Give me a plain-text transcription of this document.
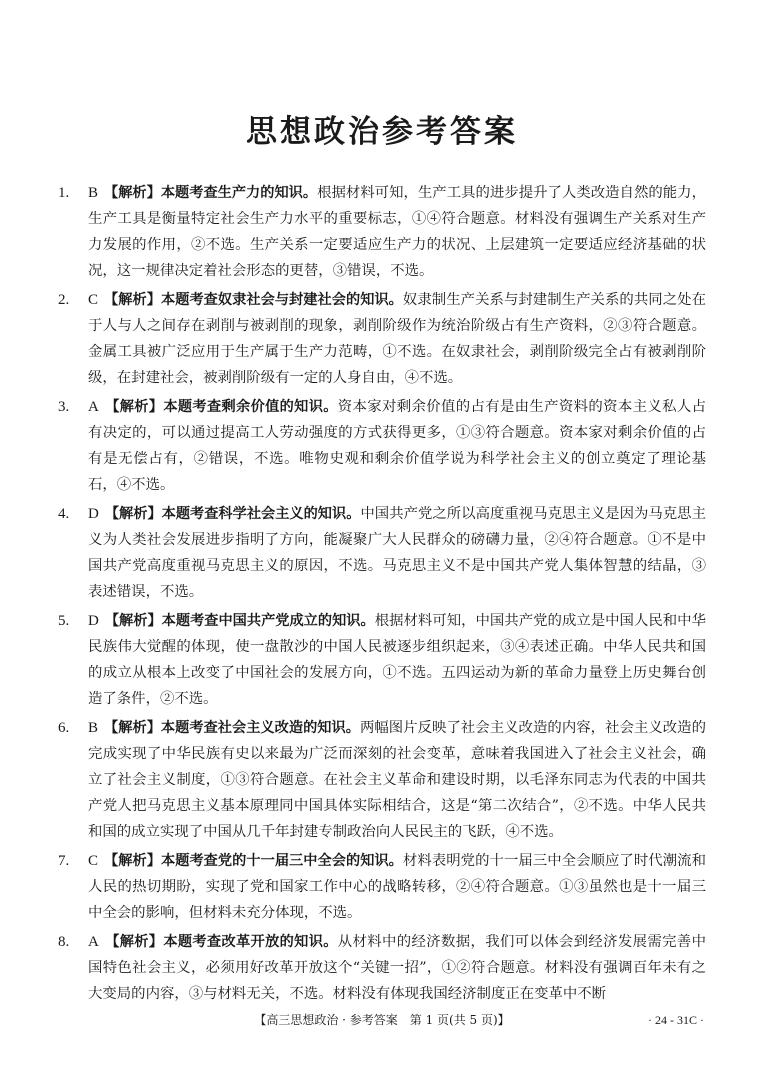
思想政治参考答案
1. B 【解析】本题考查生产力的知识。根据材料可知，生产工具的进步提升了人类改造自然的能力，生产工具是衡量特定社会生产力水平的重要标志，①④符合题意。材料没有强调生产关系对生产力发展的作用，②不选。生产关系一定要适应生产力的状况、上层建筑一定要适应经济基础的状况，这一规律决定着社会形态的更替，③错误，不选。
2. C 【解析】本题考查奴隶社会与封建社会的知识。奴隶制生产关系与封建制生产关系的共同之处在于人与人之间存在剥削与被剥削的现象，剥削阶级作为统治阶级占有生产资料，②③符合题意。金属工具被广泛应用于生产属于生产力范畴，①不选。在奴隶社会，剥削阶级完全占有被剥削阶级，在封建社会，被剥削阶级有一定的人身自由，④不选。
3. A 【解析】本题考查剩余价值的知识。资本家对剩余价值的占有是由生产资料的资本主义私人占有决定的，可以通过提高工人劳动强度的方式获得更多，①③符合题意。资本家对剩余价值的占有是无偿占有，②错误，不选。唯物史观和剩余价值学说为科学社会主义的创立奠定了理论基石，④不选。
4. D 【解析】本题考查科学社会主义的知识。中国共产党之所以高度重视马克思主义是因为马克思主义为人类社会发展进步指明了方向，能凝聚广大人民群众的磅礴力量，②④符合题意。①不是中国共产党高度重视马克思主义的原因，不选。马克思主义不是中国共产党人集体智慧的结晶，③表述错误，不选。
5. D 【解析】本题考查中国共产党成立的知识。根据材料可知，中国共产党的成立是中国人民和中华民族伟大觉醒的体现，使一盘散沙的中国人民被逐步组织起来，③④表述正确。中华人民共和国的成立从根本上改变了中国社会的发展方向，①不选。五四运动为新的革命力量登上历史舞台创造了条件，②不选。
6. B 【解析】本题考查社会主义改造的知识。两幅图片反映了社会主义改造的内容，社会主义改造的完成实现了中华民族有史以来最为广泛而深刻的社会变革，意味着我国进入了社会主义社会，确立了社会主义制度，①③符合题意。在社会主义革命和建设时期，以毛泽东同志为代表的中国共产党人把马克思主义基本原理同中国具体实际相结合，这是“第二次结合”，②不选。中华人民共和国的成立实现了中国从几千年封建专制政治向人民民主的飞跃，④不选。
7. C 【解析】本题考查党的十一届三中全会的知识。材料表明党的十一届三中全会顺应了时代潮流和人民的热切期盼，实现了党和国家工作中心的战略转移，②④符合题意。①③虽然也是十一届三中全会的影响，但材料未充分体现，不选。
8. A 【解析】本题考查改革开放的知识。从材料中的经济数据，我们可以体会到经济发展需完善中国特色社会主义，必须用好改革开放这个“关键一招”，①②符合题意。材料没有强调百年未有之大变局的内容，③与材料无关，不选。材料没有体现我国经济制度正在变革中不断
【高三思想政治 · 参考答案　第 1 页(共 5 页)】	· 24 - 31C ·
